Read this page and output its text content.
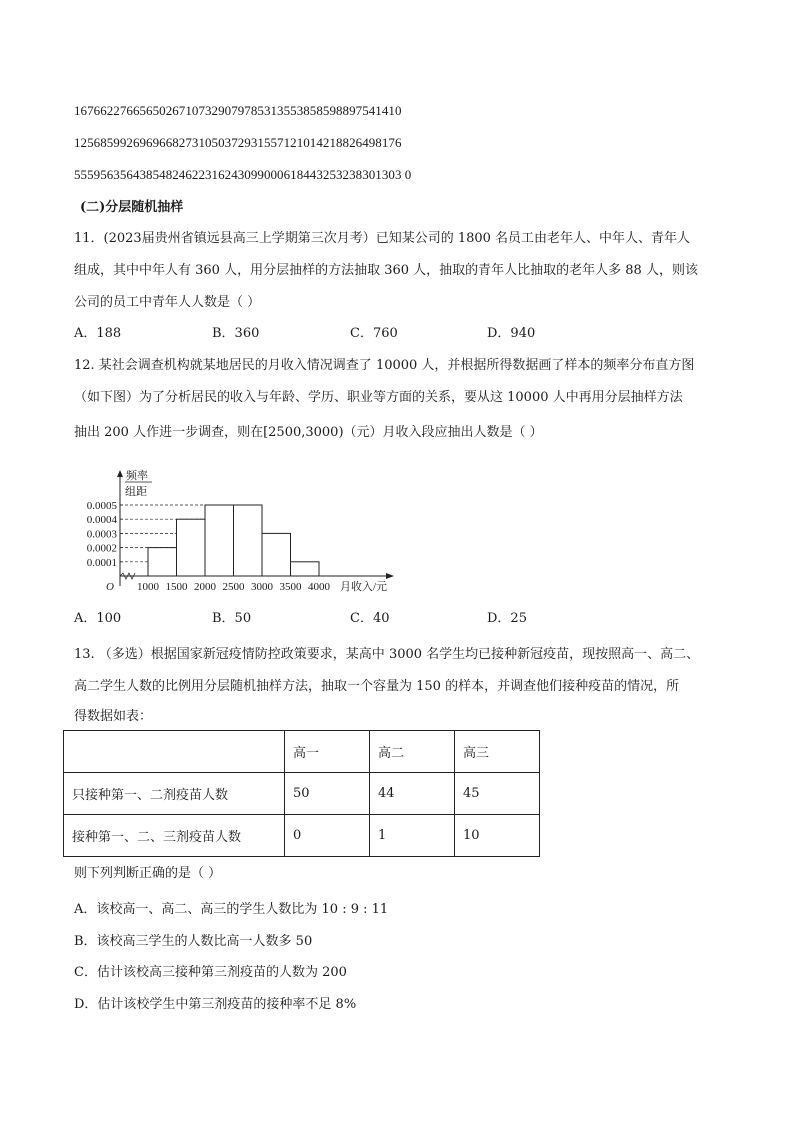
16766227665650267107329079785313553858598897541410
12568599269696682731050372931557121014218826498176
55595635643854824622316243099000618443253238301303 0
(二)分层随机抽样
11．(2023届贵州省镇远县高三上学期第三次月考）已知某公司的 1800 名员工由老年人、中年人、青年人
组成，其中中年人有 360 人，用分层抽样的方法抽取 360 人，抽取的青年人比抽取的老年人多 88 人，则该
公司的员工中青年人人数是（ ）
A．188	B．360	C．760	D．940
12. 某社会调查机构就某地居民的月收入情况调查了 10000 人，并根据所得数据画了样本的频率分布直方图
（如下图）为了分析居民的收入与年龄、学历、职业等方面的关系，要从这 10000 人中再用分层抽样方法
抽出 200 人作进一步调查，则在[2500,3000)（元）月收入段应抽出人数是（ ）
0.0001
0.0002
0.0003
0.0004
0.0005
1000 1500 2000 2500 3000 3500 4000
频率
组距
O	月收入/元
A．100	B．50	C．40	D．25
13. （多选）根据国家新冠疫情防控政策要求，某高中 3000 名学生均已接种新冠疫苗，现按照高一、高二、
高二学生人数的比例用分层随机抽样方法，抽取一个容量为 150 的样本，并调查他们接种疫苗的情况，所
得数据如表：
	高一	高二	高三
只接种第一、二剂疫苗人数	50	44	45
接种第一、二、三剂疫苗人数	0	1	10
则下列判断正确的是（ ）
A．该校高一、高二、高三的学生人数比为 10 : 9 : 11
B．该校高三学生的人数比高一人数多 50
C．估计该校高三接种第三剂疫苗的人数为 200
D．估计该校学生中第三剂疫苗的接种率不足 8%
